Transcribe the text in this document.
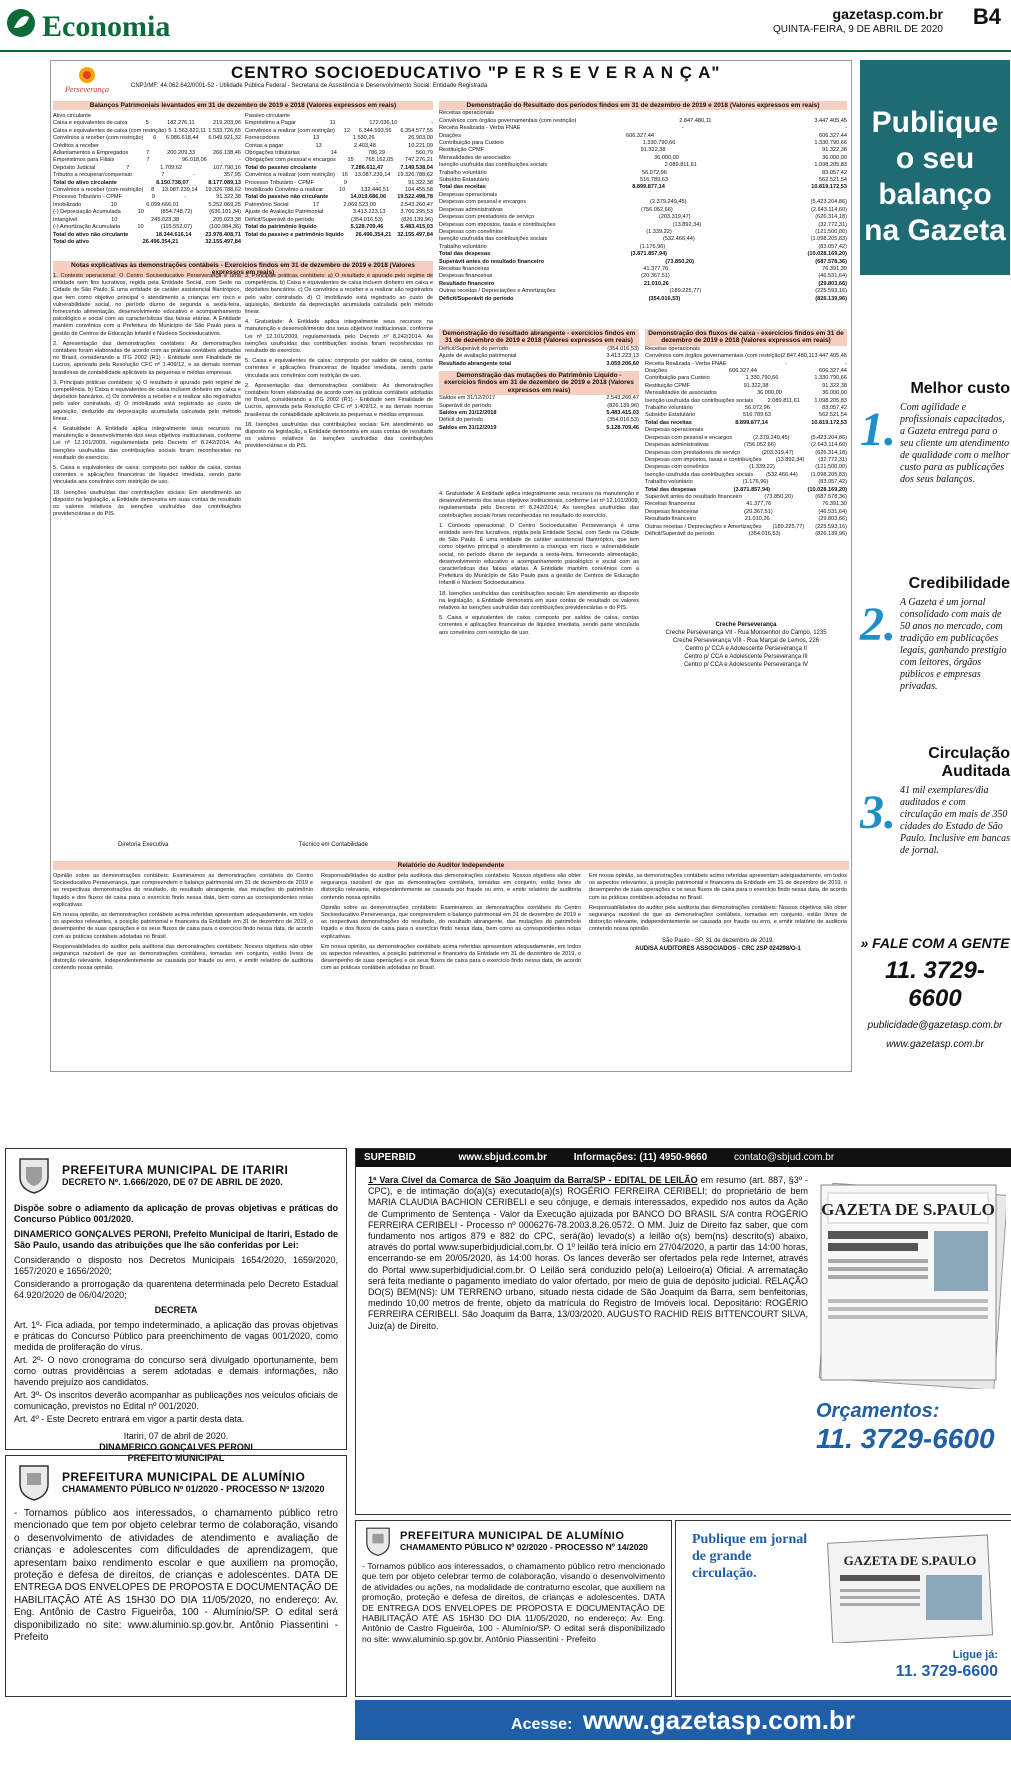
Economia	gazetasp.com.br
QUINTA-FEIRA, 9 DE ABRIL DE 2020
B4
Perseverança
CENTRO SOCIOEDUCATIVO "P E R S E V E R A N Ç A"
CNPJ/MF: 44.062.642/0001-52 - Utilidade Pública Federal - Secretaria de Assistência e Desenvolvimento Social: Entidade Registrada
Balanços Patrimoniais levantados em 31 de dezembro de 2019 e 2018 (Valores expressos em reais)
Ativo circulante
Caixa e equivalentes de caixa	5	182.276,11	219.203,96
Caixa e equivalentes de caixa (com restrição) 5 1.563.822,11 1.533.726,65
Convênios a receber (com restrição) 6 6.086.618,44 6.049.921,32
Créditos a receber
Adiantamentos a Empregados	7	200.209,33	266.138,46
Empréstimos para Filiais	7	96.018,06	-
Depósito Judicial	7	1.709,62	107.790,16
Tributos a recuperar/compensar	7	-	357,95
Total do ativo circulante	8.150.738,07	8.177.089,13
Convênios a receber (com restrição) 8 13.087.239,14 19.326.788,62
Processo Tributário - CPMF	9	-	91.322,38
Imobilizado	10	6.099.666,01	5.252.069,25
(-) Depreciação Acumulada	10	(854.748,72)	(636.101,34)
Intangível	10	245.023,38	205.023,38
(-) Amortização Acumulada	10	(115.552,07)	(100.984,36)
Total do ativo não circulante	18.344.616,14 23.978.408,71
Total do ativo	26.496.354,21	32.155.497,84
Passivo circulante
Empréstimo a Pagar	11	172.036,10	-
Convênios a realizar (com restrição) 12 6.344.593,56 6.354.577,55
Fornecedores	13	1.530,26	26.903,00
Contas a pagar	13	2.403,48	10.221,09
Obrigações tributárias	14	786,29	560,79
Obrigações com pessoal e encargos 15 765.162,05 747.276,21
Total do passivo circulante	7.286.611,47	7.149.538,04
Convênios a realizar (com restrição) 16 13.087.239,14 19.326.788,62
Processo Tributário - CPMF	9	-	91.322,38
Imobilizado Convênio a realizar	10	132.446,51	104.455,58
Total do passivo não circulante	14.019.686,06 19.522.498,78
Patrimônio Social	17	2.069.523,09	2.543.260,47
Ajuste de Avaliação Patrimonial	3.413.223,13	3.766.295,53
Déficit/Superávit do período	(354.016,53)	(826.139,96)
Total do patrimônio líquido	5.128.709,46	5.483.415,03
Total do passivo e patrimônio líquido 26.496.354,21 32.155.497,84
Demonstração do Resultado dos períodos findos em 31 de dezembro de 2019 e 2018 (Valores expressos em reais)
Receitas operacionais
Convênios com órgãos governamentais (com restrição)	2.847.480,11	3.447.405,45
Receita Realizada - Verba FNAE	-	-
Doações	606.327,44	606.327,44
Contribuição para Custeio	1.330.790,66	1.330.790,66
Restituição CPMF	91.322,38	91.322,38
Mensalidades de associados	36.000,00	36.000,00
Isenção usufruída das contribuições sociais	2.089.811,61	1.098.205,83
Trabalho voluntário	56.072,96	83.057,42
Subsídio Estatutário	516.789,63	562.521,54
Total das receitas	8.899.877,14	10.819.172,53
Despesas operacionais
Despesas com pessoal e encargos	(2.379.249,45)	(5.423.204,86)
Despesas administrativas	(756.052,66)	(2.643.114,60)
Despesas com prestadores de serviço	(203.319,47)	(626.314,18)
Despesas com impostos, taxas e contribuições	(13.892,34)	(32.772,31)
Despesas com convênios	(1.339,22)	(121.500,00)
Isenção usufruída das contribuições sociais	(532.466,44)	(1.098.205,83)
Trabalho voluntário	(1.176,96)	(83.057,42)
Total das despesas	(3.871.857,94)	(10.028.169,20)
Superávit antes do resultado financeiro	(73.850,20)	(687.578,36)
Receitas financeiras	41.377,76	76.391,30
Despesas financeiras	(20.367,51)	(46.531,64)
Resultado financeiro	21.010,26	(29.803,66)
Outras receitas / Depreciações e Amortizações	(189.225,77)	(225.593,16)
Déficit/Superávit do período	(354.016,53)	(826.139,96)
Notas explicativas às demonstrações contábeis - Exercícios findos em 31 de dezembro de 2019 e 2018 (Valores expressos em reais)

1. Contexto operacional: O Centro Socioeducativo Perseverança é uma entidade sem fins lucrativos, regida pela Entidade Social, com Sede na Cidade de São Paulo. É uma entidade de caráter assistencial filantrópico, que tem como objetivo principal o atendimento a crianças em risco e vulnerabilidade social, no período diurno de segunda a sexta-feira, fornecendo alimentação, desenvolvimento educativo e acompanhamento psicológico e social com as características das faixas etárias. A Entidade mantém convênios com a Prefeitura do Município de São Paulo para a gestão de Centros de Educação Infantil e Núcleos Socioeducativos.

2. Apresentação das demonstrações contábeis: As demonstrações contábeis foram elaboradas de acordo com as práticas contábeis adotadas no Brasil, considerando a ITG 2002 (R1) - Entidade sem Finalidade de Lucros, aprovada pela Resolução CFC nº 1.409/12, e as demais normas brasileiras de contabilidade aplicáveis às pequenas e médias empresas.

3. Principais práticas contábeis: a) O resultado é apurado pelo regime de competência. b) Caixa e equivalentes de caixa incluem dinheiro em caixa e depósitos bancários. c) Os convênios a receber e a realizar são registrados pelo valor contratado. d) O imobilizado está registrado ao custo de aquisição, deduzido da depreciação acumulada calculada pelo método linear.

4. Gratuidade: A Entidade aplica integralmente seus recursos na manutenção e desenvolvimento dos seus objetivos institucionais, conforme Lei nº 12.101/2009, regulamentada pelo Decreto nº 8.242/2014. As isenções usufruídas das contribuições sociais foram reconhecidas no resultado do exercício.

5. Caixa e equivalentes de caixa: composto por saldos de caixa, contas correntes e aplicações financeiras de liquidez imediata, sendo parte vinculada aos convênios com restrição de uso.

18. Isenções usufruídas das contribuições sociais: Em atendimento ao disposto na legislação, a Entidade demonstra em suas contas de resultado os valores relativos às isenções usufruídas das contribuições previdenciárias e do PIS.

3. Principais práticas contábeis: a) O resultado é apurado pelo regime de competência. b) Caixa e equivalentes de caixa incluem dinheiro em caixa e depósitos bancários. c) Os convênios a receber e a realizar são registrados pelo valor contratado. d) O imobilizado está registrado ao custo de aquisição, deduzido da depreciação acumulada calculada pelo método linear.

4. Gratuidade: A Entidade aplica integralmente seus recursos na manutenção e desenvolvimento dos seus objetivos institucionais, conforme Lei nº 12.101/2009, regulamentada pelo Decreto nº 8.242/2014. As isenções usufruídas das contribuições sociais foram reconhecidas no resultado do exercício.

5. Caixa e equivalentes de caixa: composto por saldos de caixa, contas correntes e aplicações financeiras de liquidez imediata, sendo parte vinculada aos convênios com restrição de uso.

2. Apresentação das demonstrações contábeis: As demonstrações contábeis foram elaboradas de acordo com as práticas contábeis adotadas no Brasil, considerando a ITG 2002 (R1) - Entidade sem Finalidade de Lucros, aprovada pela Resolução CFC nº 1.409/12, e as demais normas brasileiras de contabilidade aplicáveis às pequenas e médias empresas.

18. Isenções usufruídas das contribuições sociais: Em atendimento ao disposto na legislação, a Entidade demonstra em suas contas de resultado os valores relativos às isenções usufruídas das contribuições previdenciárias e do PIS.

Demonstração do resultado abrangente - exercícios findos em 31 de dezembro de 2019 e 2018 (Valores expressos em reais)
Déficit/Superávit do período	(354.016,53)
Ajuste de avaliação patrimonial	3.413.223,13
Resultado abrangente total	3.059.206,60
Demonstração das mutações do Patrimônio Líquido - exercícios findos em 31 de dezembro de 2019 e 2018 (Valores expressos em reais)
Saldos em 31/12/2017	2.543.260,47
Superávit do período	(826.139,96)
Saldos em 31/12/2018	5.483.415,03
Déficit do período	(354.016,53)
Saldos em 31/12/2019	5.128.709,46
Demonstração dos fluxos de caixa - exercícios findos em 31 de dezembro de 2019 e 2018 (Valores expressos em reais)
Receitas operacionais
Convênios com órgãos governamentais (com restrição) 2.847.480,11 3.447.405,45
Receita Realizada - Verba FNAE	-	-
Doações	606.327,44	606.327,44
Contribuição para Custeio	1.330.790,66	1.330.790,66
Restituição CPMF	91.322,38	91.322,38
Mensalidades de associados	36.000,00	36.000,00
Isenção usufruída das contribuições sociais	2.089.811,61	1.098.205,83
Trabalho voluntário	56.072,96	83.057,42
Subsídio Estatutário	516.789,63	562.521,54
Total das receitas	8.899.877,14	10.819.172,53
Despesas operacionais
Despesas com pessoal e encargos	(2.379.249,45)	(5.423.204,86)
Despesas administrativas	(756.052,66)	(2.643.114,60)
Despesas com prestadores de serviço	(203.319,47)	(626.314,18)
Despesas com impostos, taxas e contribuições	(13.892,34)	(32.772,31)
Despesas com convênios	(1.339,22)	(121.500,00)
Isenção usufruída das contribuições sociais (532.466,44) (1.098.205,83)
Trabalho voluntário	(1.176,96)	(83.057,42)
Total das despesas	(3.871.857,94)	(10.028.169,20)
Superávit antes do resultado financeiro	(73.850,20)	(687.578,36)
Receitas financeiras	41.377,76	76.391,30
Despesas financeiras	(20.367,51)	(46.531,64)
Resultado financeiro	21.010,26	(29.803,66)
Outras receitas / Depreciações e Amortizações (189.225,77) (225.593,16)
Déficit/Superávit do período	(354.016,53)	(826.139,96)

4. Gratuidade: A Entidade aplica integralmente seus recursos na manutenção e desenvolvimento dos seus objetivos institucionais, conforme Lei nº 12.101/2009, regulamentada pelo Decreto nº 8.242/2014. As isenções usufruídas das contribuições sociais foram reconhecidas no resultado do exercício.

1. Contexto operacional: O Centro Socioeducativo Perseverança é uma entidade sem fins lucrativos, regida pela Entidade Social, com Sede na Cidade de São Paulo. É uma entidade de caráter assistencial filantrópico, que tem como objetivo principal o atendimento a crianças em risco e vulnerabilidade social, no período diurno de segunda a sexta-feira, fornecendo alimentação, desenvolvimento educativo e acompanhamento psicológico e social com as características das faixas etárias. A Entidade mantém convênios com a Prefeitura do Município de São Paulo para a gestão de Centros de Educação Infantil e Núcleos Socioeducativos.

18. Isenções usufruídas das contribuições sociais: Em atendimento ao disposto na legislação, a Entidade demonstra em suas contas de resultado os valores relativos às isenções usufruídas das contribuições previdenciárias e do PIS.

5. Caixa e equivalentes de caixa: composto por saldos de caixa, contas correntes e aplicações financeiras de liquidez imediata, sendo parte vinculada aos convênios com restrição de uso.

Creche Perseverança
Creche Perseverança VII - Rua Monsenhor do Campo, 1235
Creche Perseverança VIII - Rua Marçal de Lemos, 226
Centro p/ CCA e Adolescente Perseverança II
Centro p/ CCA e Adolescente Perseverança III
Centro p/ CCA e Adolescente Perseverança IV
Diretoria Executiva	Técnico em Contabilidade
Relatório do Auditor Independente

Opinião sobre as demonstrações contábeis: Examinamos as demonstrações contábeis do Centro Socioeducativo Perseverança, que compreendem o balanço patrimonial em 31 de dezembro de 2019 e as respectivas demonstrações do resultado, do resultado abrangente, das mutações do patrimônio líquido e dos fluxos de caixa para o exercício findo nessa data, bem como as correspondentes notas explicativas.

Em nossa opinião, as demonstrações contábeis acima referidas apresentam adequadamente, em todos os aspectos relevantes, a posição patrimonial e financeira da Entidade em 31 de dezembro de 2019, o desempenho de suas operações e os seus fluxos de caixa para o exercício findo nessa data, de acordo com as práticas contábeis adotadas no Brasil.

Responsabilidades do auditor pela auditoria das demonstrações contábeis: Nossos objetivos são obter segurança razoável de que as demonstrações contábeis, tomadas em conjunto, estão livres de distorção relevante, independentemente se causada por fraude ou erro, e emitir relatório de auditoria contendo nossa opinião.

Responsabilidades do auditor pela auditoria das demonstrações contábeis: Nossos objetivos são obter segurança razoável de que as demonstrações contábeis, tomadas em conjunto, estão livres de distorção relevante, independentemente se causada por fraude ou erro, e emitir relatório de auditoria contendo nossa opinião.

Opinião sobre as demonstrações contábeis: Examinamos as demonstrações contábeis do Centro Socioeducativo Perseverança, que compreendem o balanço patrimonial em 31 de dezembro de 2019 e as respectivas demonstrações do resultado, do resultado abrangente, das mutações do patrimônio líquido e dos fluxos de caixa para o exercício findo nessa data, bem como as correspondentes notas explicativas.

Em nossa opinião, as demonstrações contábeis acima referidas apresentam adequadamente, em todos os aspectos relevantes, a posição patrimonial e financeira da Entidade em 31 de dezembro de 2019, o desempenho de suas operações e os seus fluxos de caixa para o exercício findo nessa data, de acordo com as práticas contábeis adotadas no Brasil.

Em nossa opinião, as demonstrações contábeis acima referidas apresentam adequadamente, em todos os aspectos relevantes, a posição patrimonial e financeira da Entidade em 31 de dezembro de 2019, o desempenho de suas operações e os seus fluxos de caixa para o exercício findo nessa data, de acordo com as práticas contábeis adotadas no Brasil.

Responsabilidades do auditor pela auditoria das demonstrações contábeis: Nossos objetivos são obter segurança razoável de que as demonstrações contábeis, tomadas em conjunto, estão livres de distorção relevante, independentemente se causada por fraude ou erro, e emitir relatório de auditoria contendo nossa opinião.

São Paulo - SP, 31 de dezembro de 2019.
AUDISA AUDITORES ASSOCIADOS - CRC 2SP 024298/O-1
Publique o seu balanço na Gazeta
Melhor custo
1. Com agilidade e profissionais capacitados, a Gazeta entrega para o seu cliente um atendimento de qualidade com o melhor custo para as publicações dos seus balanços.
Credibilidade
2. A Gazeta é um jornal consolidado com mais de 50 anos no mercado, com tradição em publicações legais, ganhando prestígio com leitores, órgãos públicos e empresas privadas.
Circulação Auditada
3. 41 mil exemplares/dia auditados e com circulação em mais de 350 cidades do Estado de São Paulo. Inclusive em bancas de jornal.
» FALE COM A GENTE
11. 3729-6600
publicidade@gazetasp.com.br
www.gazetasp.com.br
PREFEITURA MUNICIPAL DE ITARIRI
DECRETO Nº. 1.666/2020, DE 07 DE ABRIL DE 2020.

Dispõe sobre o adiamento da aplicação de provas objetivas e práticas do Concurso Público 001/2020.

DINAMERICO GONÇALVES PERONI, Prefeito Municipal de Itariri, Estado de São Paulo, usando das atribuições que lhe são conferidas por Lei:

Considerando o disposto nos Decretos Municipais 1654/2020, 1659/2020, 1657/2020 e 1656/2020;

Considerando a prorrogação da quarentena determinada pelo Decreto Estadual 64.920/2020 de 06/04/2020;

DECRETA

Art. 1º- Fica adiada, por tempo indeterminado, a aplicação das provas objetivas e práticas do Concurso Público para preenchimento de vagas 001/2020, como medida de proliferação do vírus.

Art. 2º- O novo cronograma do concurso será divulgado oportunamente, bem como outras providências a serem adotadas e demais informações, não havendo prejuízo aos candidatos.

Art. 3º- Os inscritos deverão acompanhar as publicações nos veículos oficiais de comunicação, previstos no Edital nº 001/2020.

Art. 4º - Este Decreto entrará em vigor a partir desta data.

Itariri, 07 de abril de 2020.

DINAMERICO GONÇALVES PERONI

PREFEITO MUNICIPAL

PREFEITURA MUNICIPAL DE ALUMÍNIO
CHAMAMENTO PÚBLICO Nº 01/2020 - PROCESSO Nº 13/2020
- Tornamos público aos interessados, o chamamento público retro mencionado que tem por objeto celebrar termo de colaboração, visando o desenvolvimento de atividades de atendimento e avaliação de crianças e adolescentes com dificuldades de aprendizagem, que apresentam baixo rendimento escolar e que auxiliem na promoção, proteção e defesa de direitos, de crianças e adolescentes. DATA DE ENTREGA DOS ENVELOPES DE PROPOSTA E DOCUMENTAÇÃO DE HABILITAÇÃO ATÉ AS 15H30 DO DIA 11/05/2020, no endereço: Av. Eng. Antônio de Castro Figueirôa, 100 - Alumínio/SP. O edital será disponibilizado no site: www.aluminio.sp.gov.br. Antônio Piassentini - Prefeito
SUPERBID	www.sbjud.com.br	Informações: (11) 4950-9660	contato@sbjud.com.br
1ª Vara Cível da Comarca de São Joaquim da Barra/SP - EDITAL DE LEILÃO em resumo (art. 887, §3º - CPC), e de intimação do(a)(s) executado(a)(s) ROGÉRIO FERREIRA CERIBELI; do proprietário de bem MARIA CLAUDIA BACHION CERIBELI e seu cônjuge, e demais interessados, expedido nos autos da Ação de Cumprimento de Sentença - Valor da Execução ajuizada por BANCO DO BRASIL S/A contra ROGÉRIO FERREIRA CERIBELI - Processo nº 0006276-78.2003.8.26.0572. O MM. Juiz de Direito faz saber, que com fundamento nos artigos 879 e 882 do CPC, será(ão) levado(s) a leilão o(s) bem(ns) descrito(s) abaixo, através do portal www.superbidjudicial.com.br. O 1º leilão terá início em 27/04/2020, a partir das 14:00 horas, encerrando-se em 20/05/2020, às 14:00 horas. Os lances deverão ser ofertados pela rede Internet, através do Portal www.superbidjudicial.com.br. O Leilão será conduzido pelo(a) Leiloeiro(a) Oficial. A arrematação será feita mediante o pagamento imediato do valor ofertado, por meio de guia de depósito judicial. RELAÇÃO DO(S) BEM(NS): UM TERRENO urbano, situado nesta cidade de São Joaquim da Barra, sem benfeitorias, medindo 10,00 metros de frente, objeto da matrícula do Registro de Imóveis local. Depositário: ROGÉRIO FERREIRA CERIBELI. São Joaquim da Barra, 13/03/2020. AUGUSTO RACHID REIS BITTENCOURT SILVA, Juiz(a) de Direito.
GAZETA DE S.PAULO
Orçamentos:
11. 3729-6600
PREFEITURA MUNICIPAL DE ALUMÍNIO
CHAMAMENTO PÚBLICO Nº 02/2020 - PROCESSO Nº 14/2020
- Tornamos público aos interessados, o chamamento público retro mencionado que tem por objeto celebrar termo de colaboração, visando o desenvolvimento de atividades ou ações, na modalidade de contraturno escolar, que auxiliem na promoção, proteção e defesa de direitos, de crianças e adolescentes. DATA DE ENTREGA DOS ENVELOPES DE PROPOSTA E DOCUMENTAÇÃO DE HABILITAÇÃO ATÉ AS 15H30 DO DIA 11/05/2020, no endereço: Av. Eng. Antônio de Castro Figueirôa, 100 - Alumínio/SP. O edital será disponibilizado no site: www.aluminio.sp.gov.br. Antônio Piassentini - Prefeito
Publique em jornal de grande circulação.
GAZETA DE S.PAULO
Ligue já:
11. 3729-6600
Acesse: www.gazetasp.com.br
